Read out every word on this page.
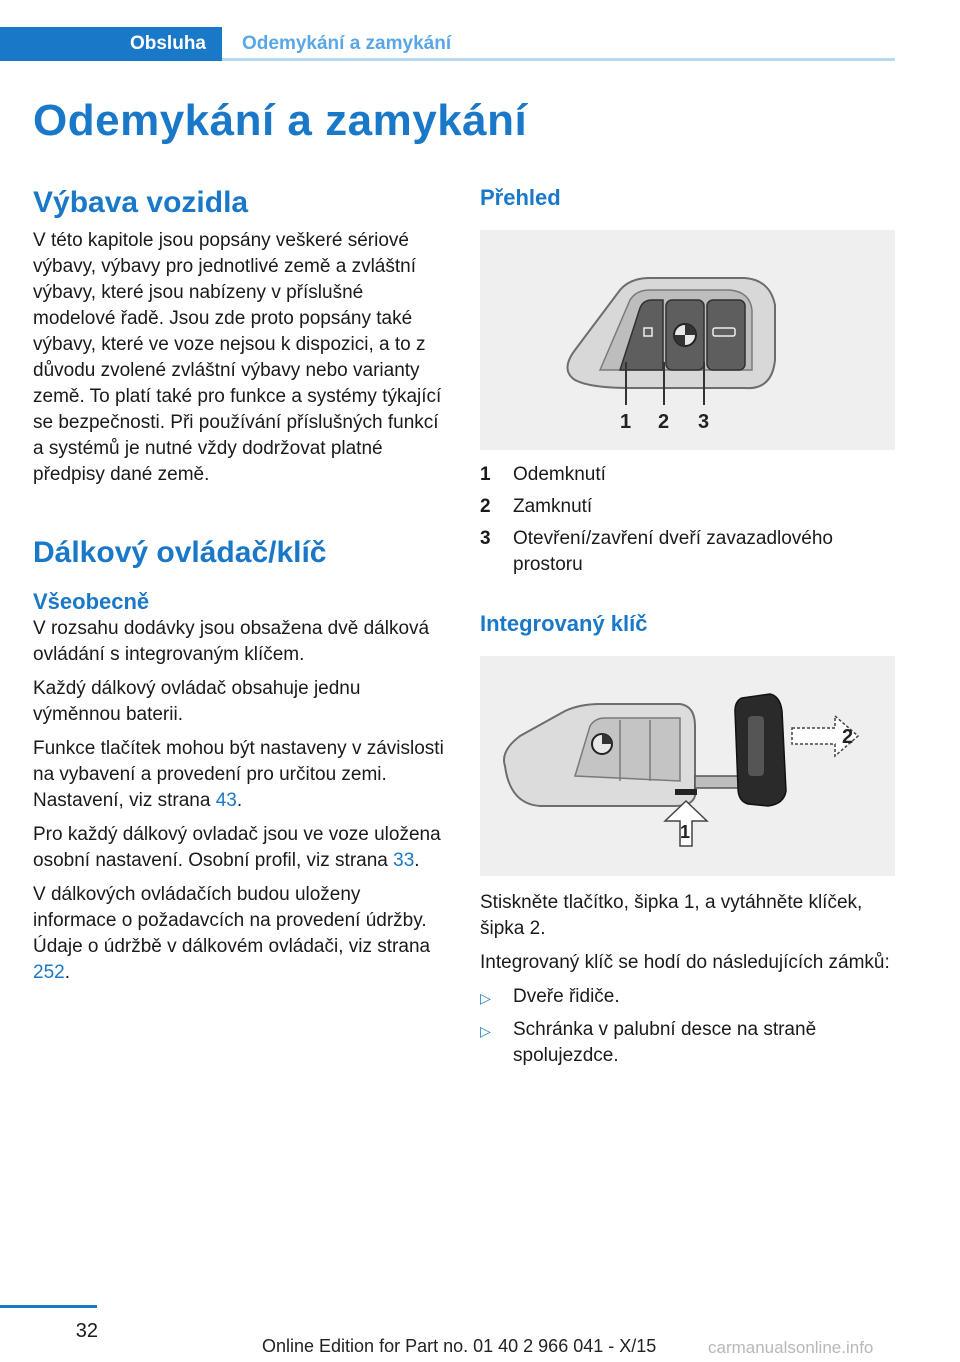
Obsluha	Odemykání a zamykání
Odemykání a zamykání
Výbava vozidla

V této kapitole jsou popsány veškeré sériové výbavy, výbavy pro jednotlivé země a zvláštní výbavy, které jsou nabízeny v příslušné modelové řadě. Jsou zde proto popsány také výbavy, které ve voze nejsou k dispozici, a to z důvodu zvolené zvláštní výbavy nebo varianty země. To platí také pro funkce a systémy týkající se bezpečnosti. Při používání příslušných funkcí a systémů je nutné vždy dodržovat platné předpisy dané země.

Dálkový ovládač/klíč
Všeobecně

V rozsahu dodávky jsou obsažena dvě dálková ovládání s integrovaným klíčem.

Každý dálkový ovládač obsahuje jednu výměnnou baterii.

Funkce tlačítek mohou být nastaveny v závislosti na vybavení a provedení pro určitou zemi. Nastavení, viz strana 43.

Pro každý dálkový ovladač jsou ve voze uložena osobní nastavení. Osobní profil, viz strana 33.

V dálkových ovládačích budou uloženy informace o požadavcích na provedení údržby. Údaje o údržbě v dálkovém ovládači, viz strana 252.

Přehled
1 2 3
1	Odemknutí
2	Zamknutí
3	Otevření/zavření dveří zavazadlového prostoru
Integrovaný klíč
2
1

Stiskněte tlačítko, šipka 1, a vytáhněte klíček, šipka 2.

Integrovaný klíč se hodí do následujících zámků:

▷	Dveře řidiče.
▷	Schránka v palubní desce na straně spolujezdce.
32
Online Edition for Part no. 01 40 2 966 041 - X/15	carmanualsonline.info
